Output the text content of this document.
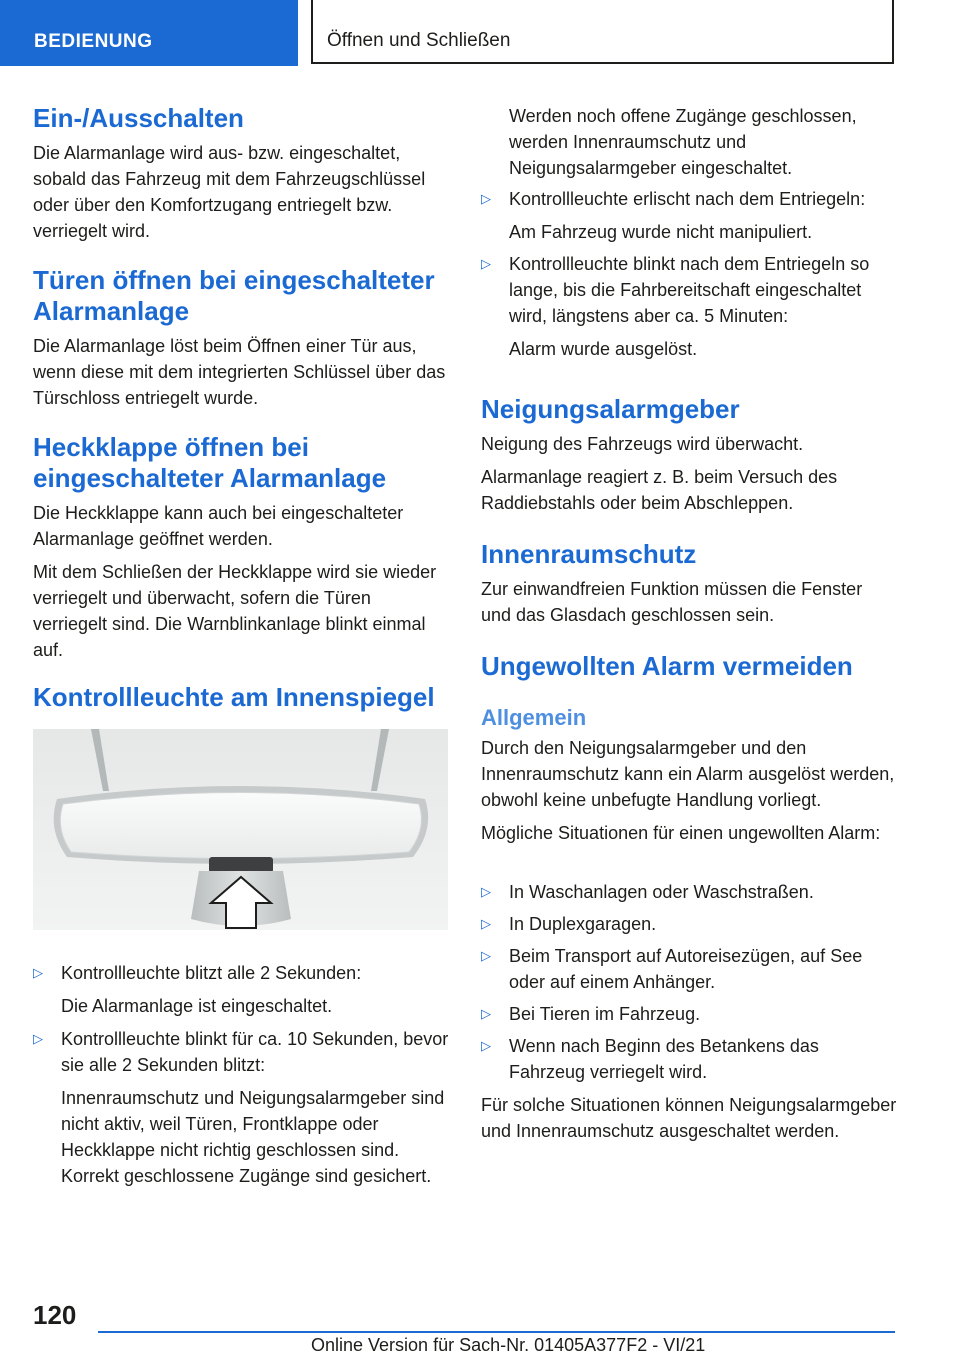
BEDIENUNG	Öffnen und Schließen
Ein-/Ausschalten

Die Alarmanlage wird aus- bzw. eingeschaltet, sobald das Fahrzeug mit dem Fahrzeugschlüssel oder über den Komfortzugang entriegelt bzw. verriegelt wird.

Türen öffnen bei eingeschalteter Alarmanlage

Die Alarmanlage löst beim Öffnen einer Tür aus, wenn diese mit dem integrierten Schlüssel über das Türschloss entriegelt wurde.

Heckklappe öffnen bei eingeschalteter Alarmanlage

Die Heckklappe kann auch bei eingeschalteter Alarmanlage geöffnet werden.

Mit dem Schließen der Heckklappe wird sie wieder verriegelt und überwacht, sofern die Türen verriegelt sind. Die Warnblinkanlage blinkt einmal auf.

Kontrollleuchte am Innenspiegel
▷ Kontrollleuchte blitzt alle 2 Sekunden:
Die Alarmanlage ist eingeschaltet.
▷ Kontrollleuchte blinkt für ca. 10 Sekunden, bevor sie alle 2 Sekunden blitzt:
Innenraumschutz und Neigungsalarmgeber sind nicht aktiv, weil Türen, Frontklappe oder Heckklappe nicht richtig geschlossen sind. Korrekt geschlossene Zugänge sind gesichert.

Werden noch offene Zugänge geschlossen, werden Innenraumschutz und Neigungsalarmgeber eingeschaltet.

▷ Kontrollleuchte erlischt nach dem Entriegeln:
Am Fahrzeug wurde nicht manipuliert.
▷ Kontrollleuchte blinkt nach dem Entriegeln so lange, bis die Fahrbereitschaft eingeschaltet wird, längstens aber ca. 5 Minuten:
Alarm wurde ausgelöst.
Neigungsalarmgeber

Neigung des Fahrzeugs wird überwacht.

Alarmanlage reagiert z. B. beim Versuch des Raddiebstahls oder beim Abschleppen.

Innenraumschutz

Zur einwandfreien Funktion müssen die Fenster und das Glasdach geschlossen sein.

Ungewollten Alarm vermeiden
Allgemein

Durch den Neigungsalarmgeber und den Innenraumschutz kann ein Alarm ausgelöst werden, obwohl keine unbefugte Handlung vorliegt.

Mögliche Situationen für einen ungewollten Alarm:

▷ In Waschanlagen oder Waschstraßen.
▷ In Duplexgaragen.
▷ Beim Transport auf Autoreisezügen, auf See oder auf einem Anhänger.
▷ Bei Tieren im Fahrzeug.
▷ Wenn nach Beginn des Betankens das Fahrzeug verriegelt wird.

Für solche Situationen können Neigungsalarmgeber und Innenraumschutz ausgeschaltet werden.

120
Online Version für Sach-Nr. 01405A377F2 - VI/21
